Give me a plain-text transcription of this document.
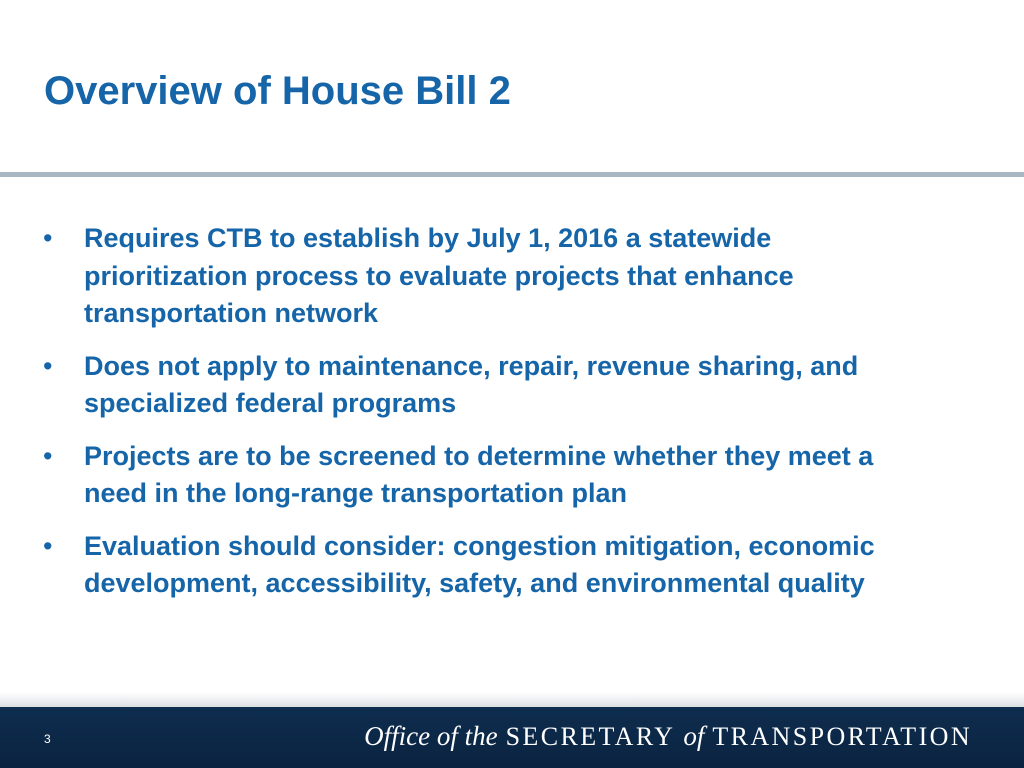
Overview of House Bill 2
• Requires CTB to establish by July 1, 2016 a statewide prioritization process to evaluate projects that enhance transportation network
• Does not apply to maintenance, repair, revenue sharing, and specialized federal programs
• Projects are to be screened to determine whether they meet a need in the long-range transportation plan
• Evaluation should consider: congestion mitigation, economic development, accessibility, safety, and environmental quality
3	Office of the SECRETARY of TRANSPORTATION
